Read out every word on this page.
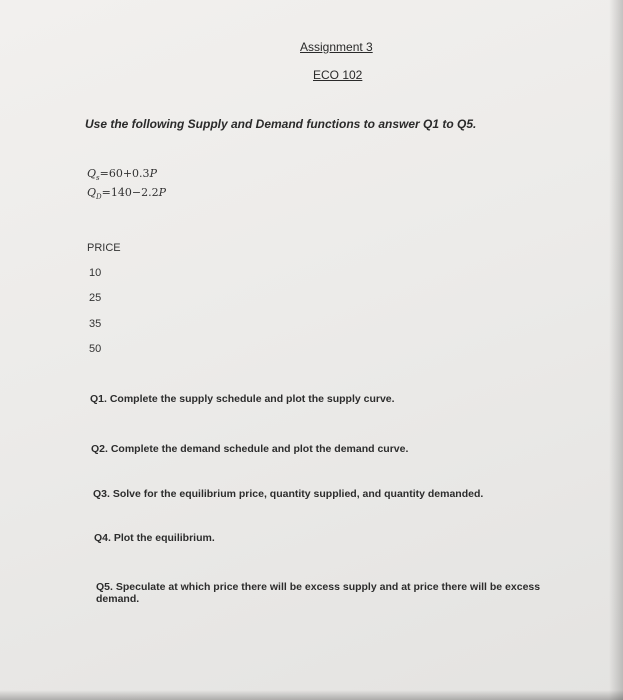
Assignment 3
ECO 102
Use the following Supply and Demand functions to answer Q1 to Q5.
$Q_s=60+0.3P$
$Q_D=140-2.2P$
PRICE
10
25
35
50
Q1. Complete the supply schedule and plot the supply curve.
Q2. Complete the demand schedule and plot the demand curve.
Q3. Solve for the equilibrium price, quantity supplied, and quantity demanded.
Q4. Plot the equilibrium.
Q5. Speculate at which price there will be excess supply and at price there will be excess demand.
